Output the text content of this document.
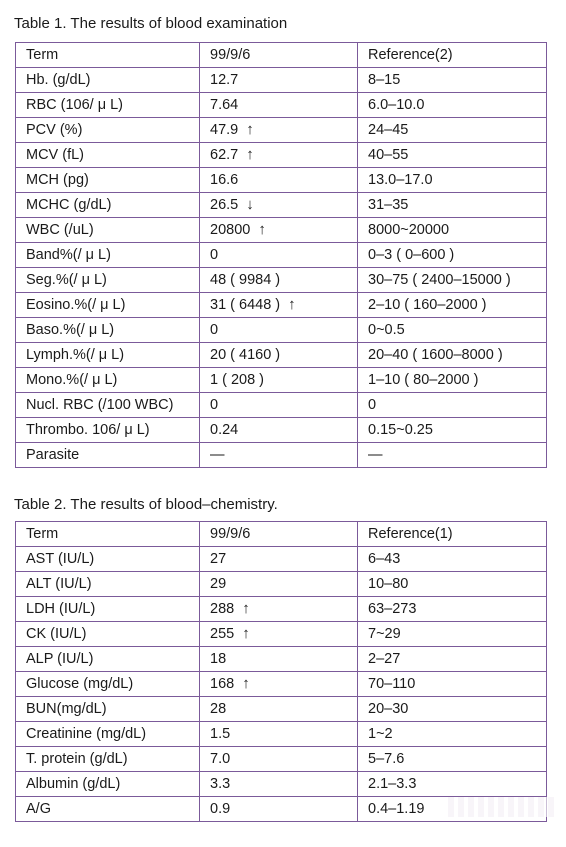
Table 1. The results of blood examination
Term	99/9/6	Reference(2)
Hb. (g/dL)	12.7	8–15
RBC (106/ μ L)	7.64	6.0–10.0
PCV (%)	47.9 ↑	24–45
MCV (fL)	62.7 ↑	40–55
MCH (pg)	16.6	13.0–17.0
MCHC (g/dL)	26.5 ↓	31–35
WBC (/uL)	20800 ↑	8000~20000
Band%(/ μ L)	0	0–3 ( 0–600 )
Seg.%(/ μ L)	48 ( 9984 )	30–75 ( 2400–15000 )
Eosino.%(/ μ L)	31 ( 6448 ) ↑	2–10 ( 160–2000 )
Baso.%(/ μ L)	0	0~0.5
Lymph.%(/ μ L)	20 ( 4160 )	20–40 ( 1600–8000 )
Mono.%(/ μ L)	1 ( 208 )	1–10 ( 80–2000 )
Nucl. RBC (/100 WBC)	0	0
Thrombo. 106/ μ L)	0.24	0.15~0.25
Parasite	—	—
Table 2. The results of blood–chemistry.
Term	99/9/6	Reference(1)
AST (IU/L)	27	6–43
ALT (IU/L)	29	10–80
LDH (IU/L)	288 ↑	63–273
CK (IU/L)	255 ↑	7~29
ALP (IU/L)	18	2–27
Glucose (mg/dL)	168 ↑	70–110
BUN(mg/dL)	28	20–30
Creatinine (mg/dL)	1.5	1~2
T. protein (g/dL)	7.0	5–7.6
Albumin (g/dL)	3.3	2.1–3.3
A/G	0.9	0.4–1.19
